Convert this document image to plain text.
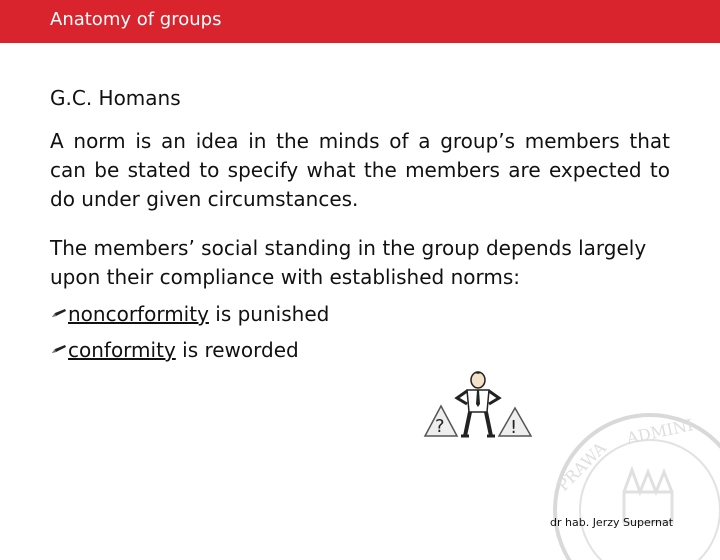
Anatomy of groups

G.C. Homans

A norm is an idea in the minds of a group’s members that can be stated to specify what the members are expected to do under given circumstances.

The members’ social standing in the group depends largely upon their compliance with established norms:

noncorformity is punished
conformity is reworded
?	!
PRAWA
ADMINI
dr hab. Jerzy Supernat
